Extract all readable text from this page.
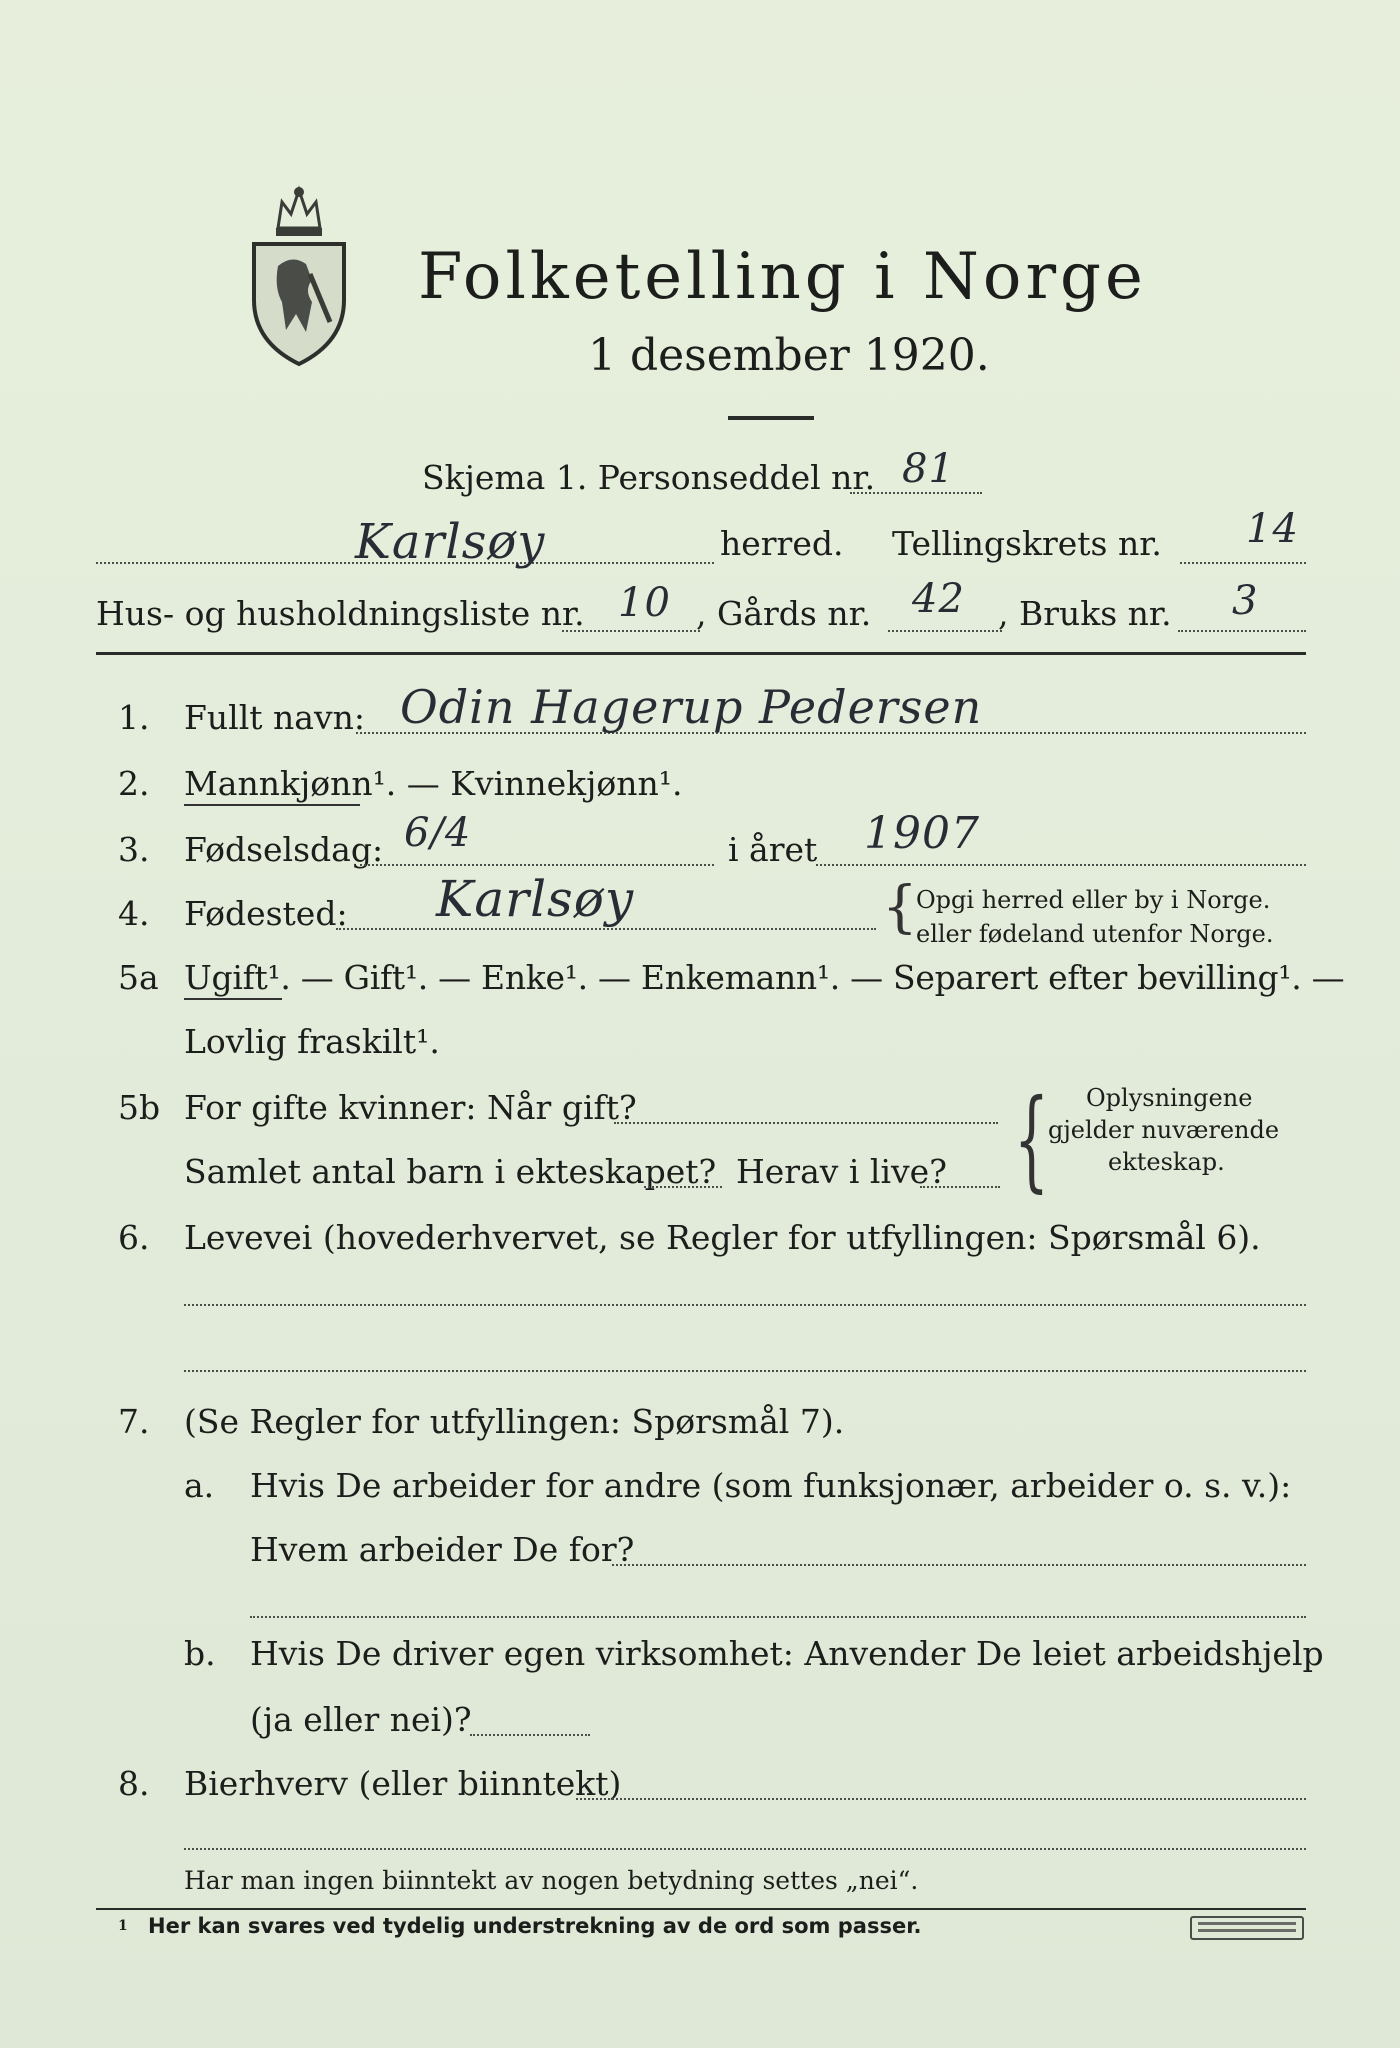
Folketelling i Norge
1 desember 1920.
Skjema 1. Personseddel nr. 81
Karlsøy	herred. Tellingskrets nr. 14
Hus- og husholdningsliste nr. 10 , Gårds nr. 42 , Bruks nr. 3
1. Fullt navn: Odin Hagerup Pedersen
2. Mannkjønn¹. — Kvinnekjønn¹.
3. Fødselsdag: 6/4	i året 1907
4. Fødested: Karlsøy	{
Opgi herred eller by i Norge.
eller fødeland utenfor Norge.
5a Ugift¹. — Gift¹. — Enke¹. — Enkemann¹. — Separert efter bevilling¹. —
Lovlig fraskilt¹.
5b For gifte kvinner: Når gift?
Samlet antal barn i ekteskapet? Herav i live? { Oplysningene
gjelder nuværende
ekteskap.
6. Levevei (hovederhvervet, se Regler for utfyllingen: Spørsmål 6).
7. (Se Regler for utfyllingen: Spørsmål 7).
a. Hvis De arbeider for andre (som funksjonær, arbeider o. s. v.):
Hvem arbeider De for?
b. Hvis De driver egen virksomhet: Anvender De leiet arbeidshjelp
(ja eller nei)?
8. Bierhverv (eller biinntekt)
Har man ingen biinntekt av nogen betydning settes „nei“.
1 Her kan svares ved tydelig understrekning av de ord som passer.
